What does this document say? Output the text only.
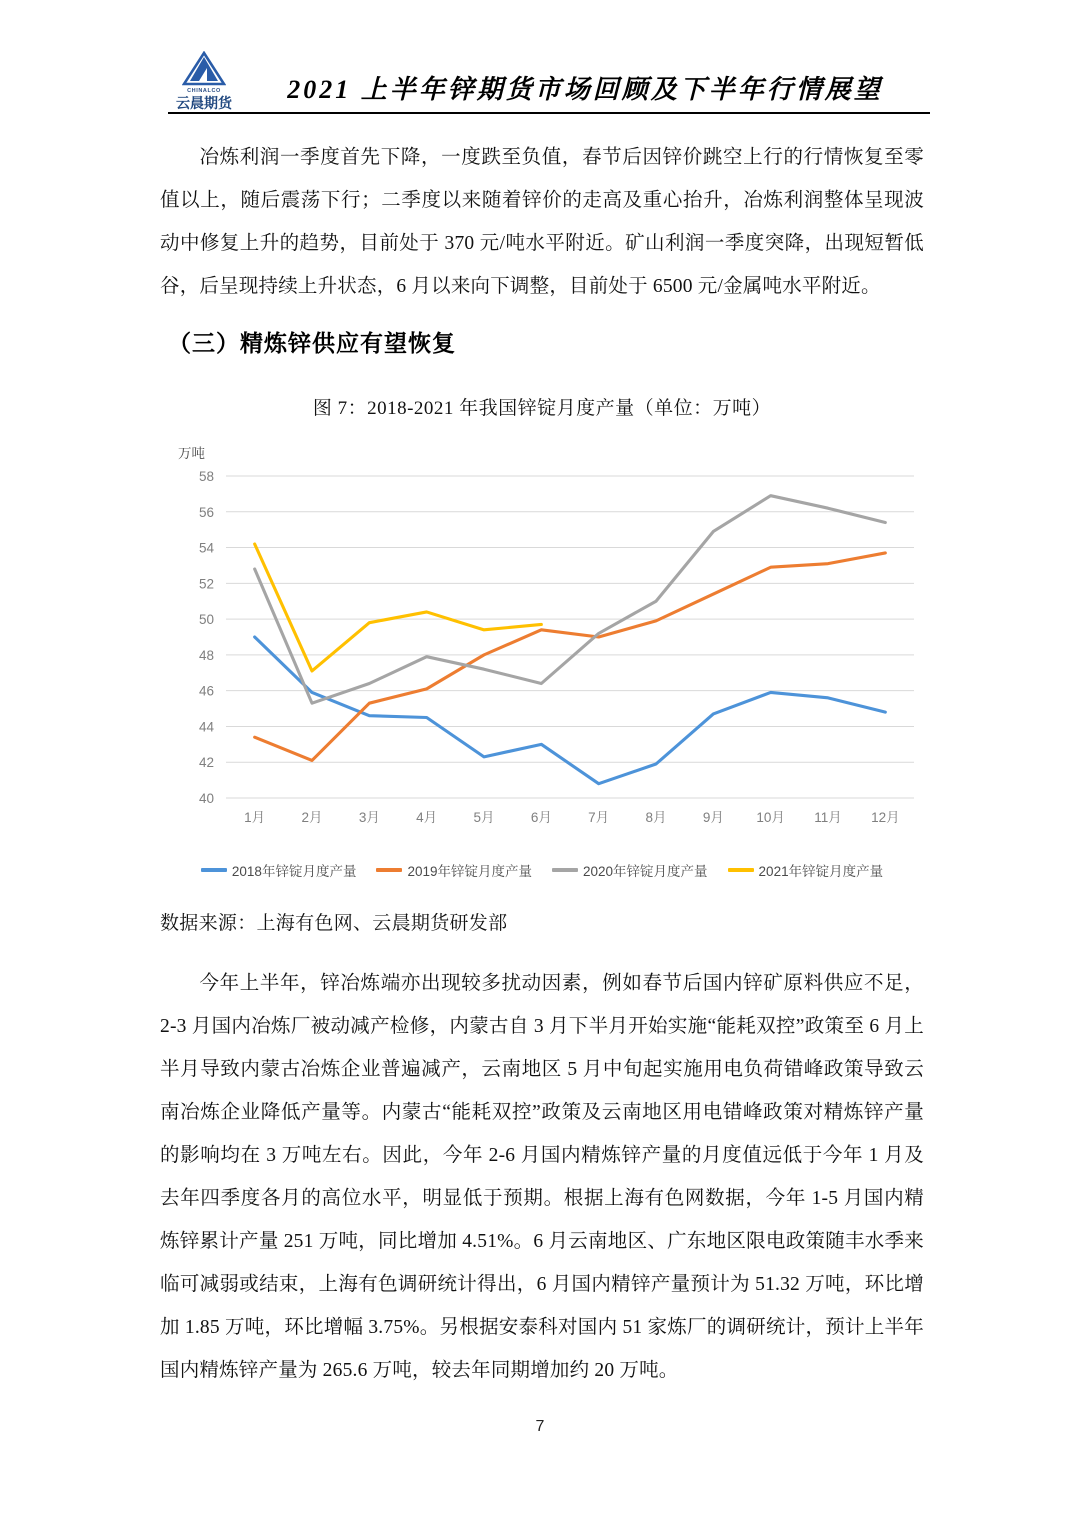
CHINALCO
云晨期货	2021 上半年锌期货市场回顾及下半年行情展望
冶炼利润一季度首先下降，一度跌至负值，春节后因锌价跳空上行的行情恢复至零值以上，随后震荡下行；二季度以来随着锌价的走高及重心抬升，冶炼利润整体呈现波动中修复上升的趋势，目前处于 370 元/吨水平附近。矿山利润一季度突降，出现短暂低谷，后呈现持续上升状态，6 月以来向下调整，目前处于 6500 元/金属吨水平附近。
（三）精炼锌供应有望恢复
图 7：2018-2021 年我国锌锭月度产量（单位：万吨）
万吨
40
42
44
46
48
50
52
54
56
58
1月	2月	3月	4月	5月	6月	7月	8月	9月 10月 11月 12月
2018年锌锭月度产量	2019年锌锭月度产量	2020年锌锭月度产量	2021年锌锭月度产量
数据来源：上海有色网、云晨期货研发部
今年上半年，锌冶炼端亦出现较多扰动因素，例如春节后国内锌矿原料供应不足，2-3 月国内冶炼厂被动减产检修，内蒙古自 3 月下半月开始实施“能耗双控”政策至 6 月上半月导致内蒙古冶炼企业普遍减产，云南地区 5 月中旬起实施用电负荷错峰政策导致云南冶炼企业降低产量等。内蒙古“能耗双控”政策及云南地区用电错峰政策对精炼锌产量的影响均在 3 万吨左右。因此，今年 2-6 月国内精炼锌产量的月度值远低于今年 1 月及去年四季度各月的高位水平，明显低于预期。根据上海有色网数据，今年 1-5 月国内精炼锌累计产量 251 万吨，同比增加 4.51%。6 月云南地区、广东地区限电政策随丰水季来临可减弱或结束，上海有色调研统计得出，6 月国内精锌产量预计为 51.32 万吨，环比增加 1.85 万吨，环比增幅 3.75%。另根据安泰科对国内 51 家炼厂的调研统计，预计上半年国内精炼锌产量为 265.6 万吨，较去年同期增加约 20 万吨。
7
